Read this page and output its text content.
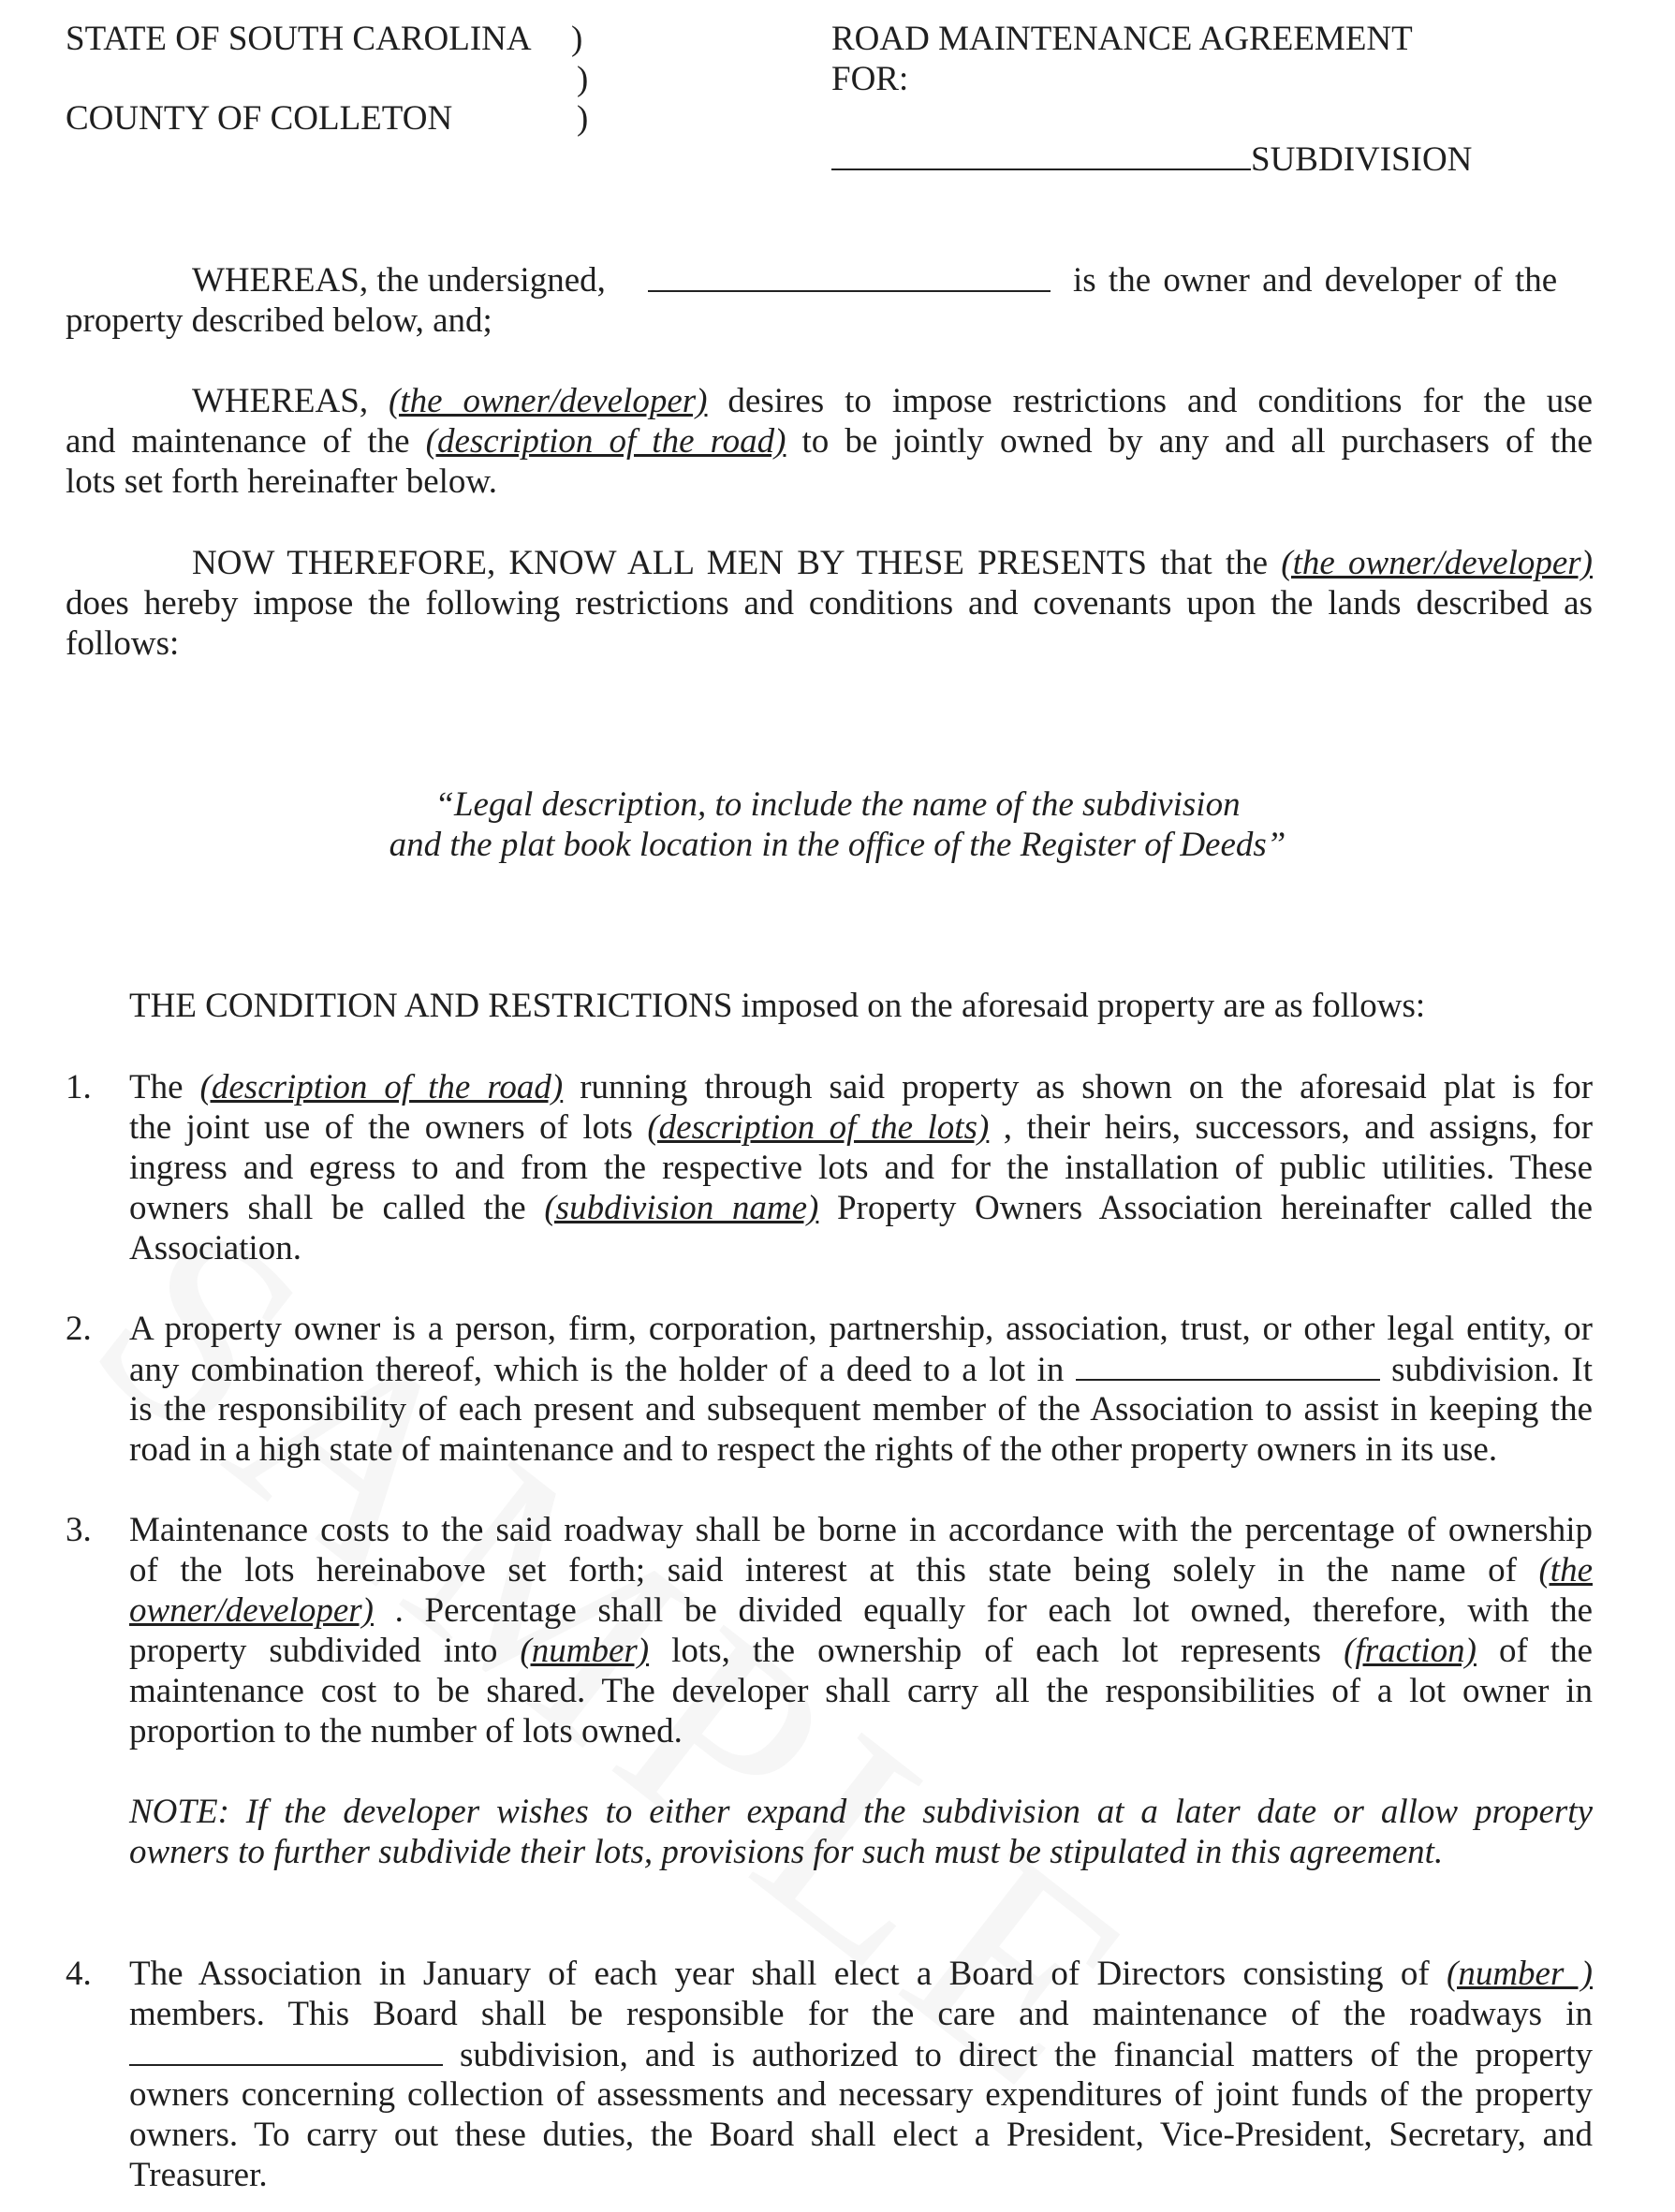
STATE OF SOUTH CAROLINA )
)
COUNTY OF COLLETON	)
ROAD MAINTENANCE AGREEMENT
FOR:
SUBDIVISION
WHEREAS, the undersigned,	is the owner and developer of the
property described below, and;
WHEREAS, (the owner/developer) desires to impose restrictions and conditions for the use
and maintenance of the (description of the road) to be jointly owned by any and all purchasers of the
lots set forth hereinafter below.
NOW THEREFORE, KNOW ALL MEN BY THESE PRESENTS that the (the owner/developer)
does hereby impose the following restrictions and conditions and covenants upon the lands described as
follows:
“Legal description, to include the name of the subdivision
and the plat book location in the office of the Register of Deeds”
THE CONDITION AND RESTRICTIONS imposed on the aforesaid property are as follows:
1. The (description of the road) running through said property as shown on the aforesaid plat is for
the joint use of the owners of lots (description of the lots) , their heirs, successors, and assigns, for
ingress and egress to and from the respective lots and for the installation of public utilities. These
owners shall be called the (subdivision name) Property Owners Association hereinafter called the
Association.
2. A property owner is a person, firm, corporation, partnership, association, trust, or other legal entity, or
any combination thereof, which is the holder of a deed to a lot in	subdivision. It
is the responsibility of each present and subsequent member of the Association to assist in keeping the
road in a high state of maintenance and to respect the rights of the other property owners in its use.
3. Maintenance costs to the said roadway shall be borne in accordance with the percentage of ownership
of the lots hereinabove set forth; said interest at this state being solely in the name of (the
owner/developer) . Percentage shall be divided equally for each lot owned, therefore, with the
property subdivided into (number) lots, the ownership of each lot represents (fraction) of the
maintenance cost to be shared. The developer shall carry all the responsibilities of a lot owner in
proportion to the number of lots owned.
NOTE: If the developer wishes to either expand the subdivision at a later date or allow property
owners to further subdivide their lots, provisions for such must be stipulated in this agreement.
4. The Association in January of each year shall elect a Board of Directors consisting of (number )
members. This Board shall be responsible for the care and maintenance of the roadways in
subdivision, and is authorized to direct the financial matters of the property
owners concerning collection of assessments and necessary expenditures of joint funds of the property
owners. To carry out these duties, the Board shall elect a President, Vice-President, Secretary, and
Treasurer.
